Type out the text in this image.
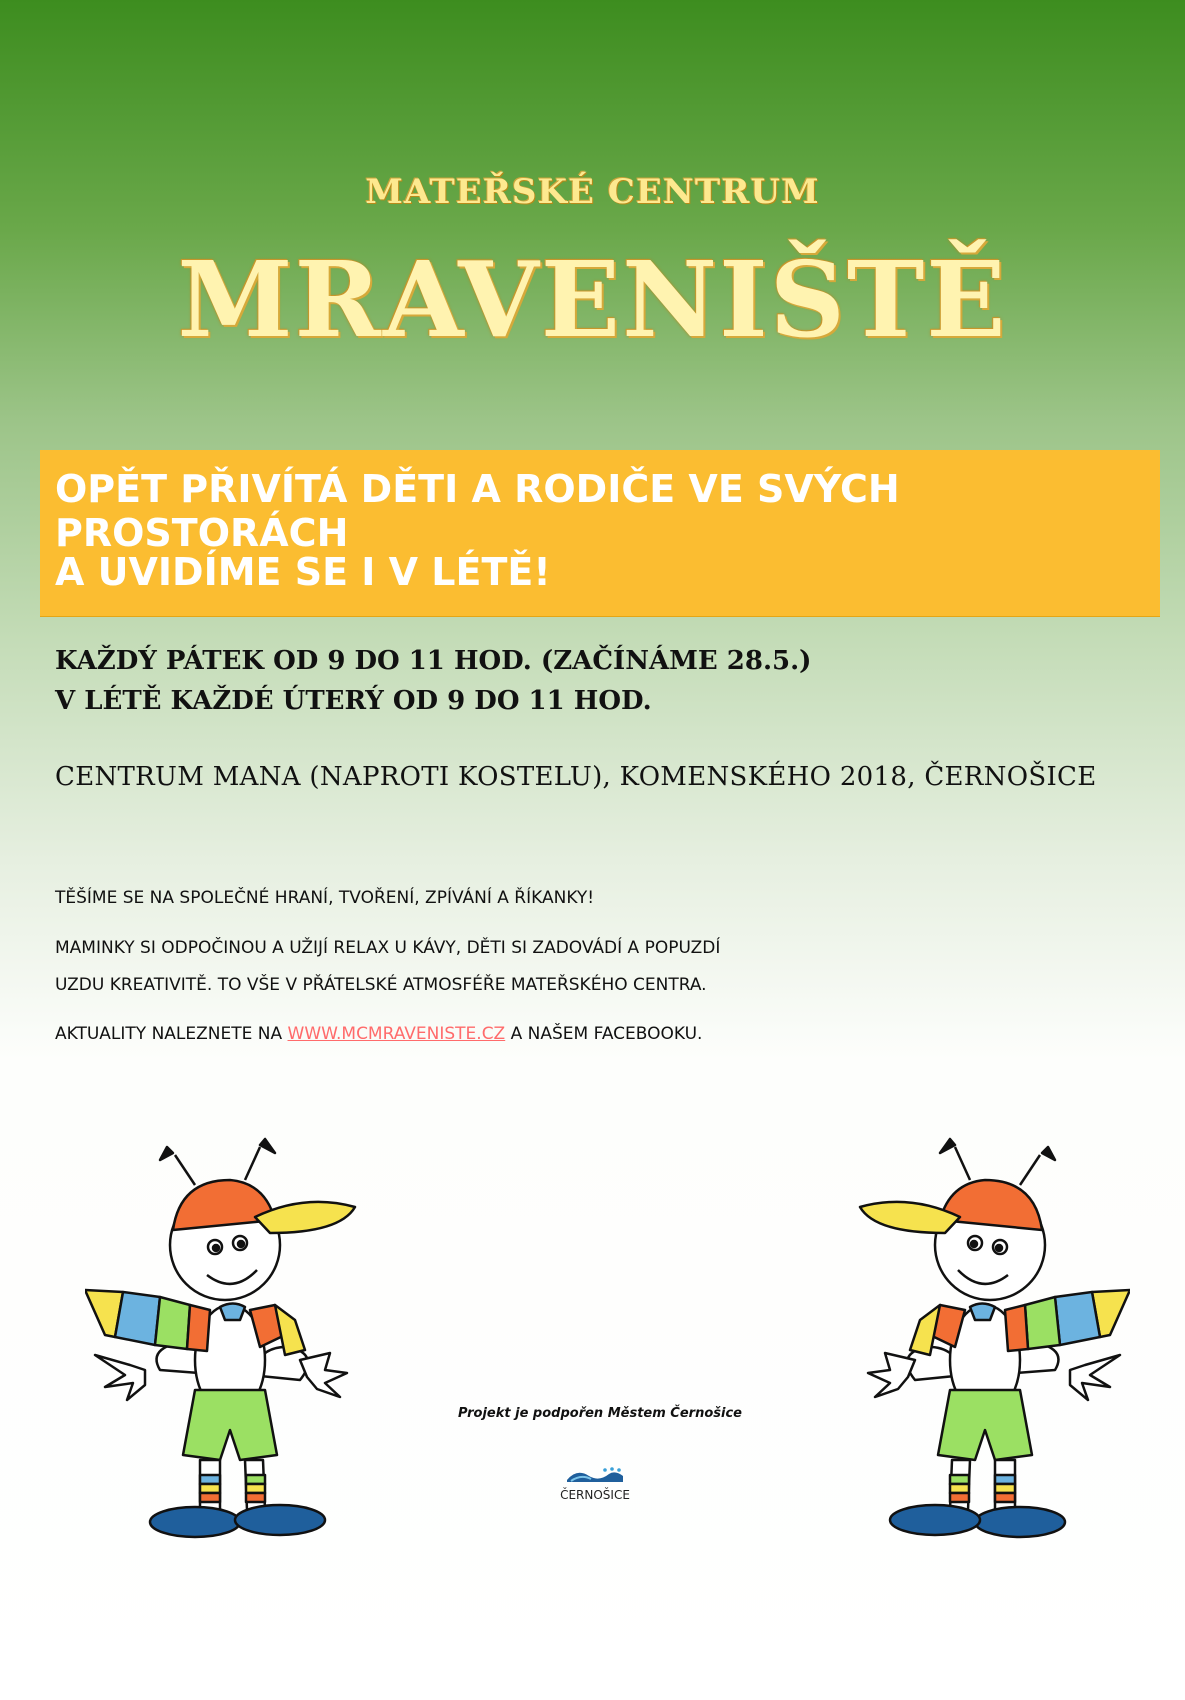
MATEŘSKÉ CENTRUM
MRAVENIŠTĚ
OPĚT PŘIVÍTÁ DĚTI A RODIČE VE SVÝCH PROSTORÁCH
A UVIDÍME SE I V LÉTĚ!
KAŽDÝ PÁTEK OD 9 DO 11 HOD. (ZAČÍNÁME 28.5.)
V LÉTĚ KAŽDÉ ÚTERÝ OD 9 DO 11 HOD.
CENTRUM MANA (NAPROTI KOSTELU), KOMENSKÉHO 2018, ČERNOŠICE
TĚŠÍME SE NA SPOLEČNÉ HRANÍ, TVOŘENÍ, ZPÍVÁNÍ A ŘÍKANKY!
MAMINKY SI ODPOČINOU A UŽIJÍ RELAX U KÁVY, DĚTI SI ZADOVÁDÍ A POPUZDÍ
UZDU KREATIVITĚ. TO VŠE V PŘÁTELSKÉ ATMOSFÉŘE MATEŘSKÉHO CENTRA.
AKTUALITY NALEZNETE NA WWW.MCMRAVENISTE.CZ A NAŠEM FACEBOOKU.
Projekt je podpořen Městem Černošice
ČERNOŠICE
